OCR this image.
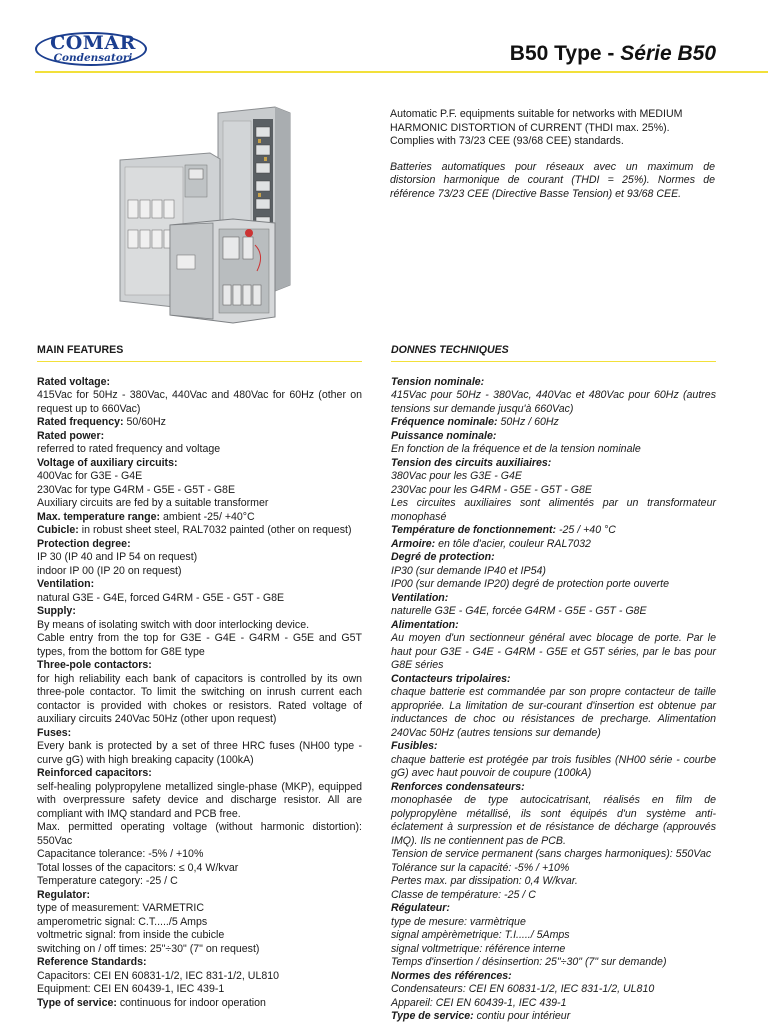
COMAR
Condensatori	B50 Type - Série B50

Automatic P.F. equipments suitable for networks with MEDIUM HARMONIC DISTORTION of CURRENT (THDI max. 25%). Complies with 73/23 CEE (93/68 CEE) standards.

Batteries automatiques pour réseaux avec un maximum de distorsion harmonique de courant (THDI = 25%). Normes de référence 73/23 CEE (Directive Basse Tension) et 93/68 CEE.

MAIN FEATURES
Rated voltage:
415Vac for 50Hz - 380Vac, 440Vac and 480Vac for 60Hz (other on request up to 660Vac)
Rated frequency: 50/60Hz
Rated power:
referred to rated frequency and voltage
Voltage of auxiliary circuits:
400Vac for G3E - G4E
230Vac for type G4RM - G5E - G5T - G8E
Auxiliary circuits are fed by a suitable transformer
Max. temperature range: ambient -25/ +40°C
Cubicle: in robust sheet steel, RAL7032 painted (other on request)
Protection degree:
IP 30 (IP 40 and IP 54 on request)
indoor IP 00 (IP 20 on request)
Ventilation:
natural G3E - G4E, forced G4RM - G5E - G5T - G8E
Supply:
By means of isolating switch with door interlocking device.
Cable entry from the top for G3E - G4E - G4RM - G5E and G5T types, from the bottom for G8E type
Three-pole contactors:
for high reliability each bank of capacitors is controlled by its own three-pole contactor. To limit the switching on inrush current each contactor is provided with chokes or resistors. Rated voltage of auxiliary circuits 240Vac 50Hz (other upon request)
Fuses:
Every bank is protected by a set of three HRC fuses (NH00 type - curve gG) with high breaking capacity (100kA)
Reinforced capacitors:
self-healing polypropylene metallized single-phase (MKP), equipped with overpressure safety device and discharge resistor. All are compliant with IMQ standard and PCB free.
Max. permitted operating voltage (without harmonic distortion): 550Vac
Capacitance tolerance: -5% / +10%
Total losses of the capacitors: ≤ 0,4 W/kvar
Temperature category: -25 / C
Regulator:
type of measurement: VARMETRIC
amperometric signal: C.T...../5 Amps
voltmetric signal: from inside the cubicle
switching on / off times: 25"÷30" (7" on request)
Reference Standards:
Capacitors: CEI EN 60831-1/2, IEC 831-1/2, UL810
Equipment: CEI EN 60439-1, IEC 439-1
Type of service: continuous for indoor operation
DONNES TECHNIQUES
Tension nominale:
415Vac pour 50Hz - 380Vac, 440Vac et 480Vac pour 60Hz (autres tensions sur demande jusqu'à 660Vac)
Fréquence nominale: 50Hz / 60Hz
Puissance nominale:
En fonction de la fréquence et de la tension nominale
Tension des circuits auxiliaires:
380Vac pour les G3E - G4E
230Vac pour les G4RM - G5E - G5T - G8E
Les circuites auxiliaires sont alimentés par un transformateur monophasé
Température de fonctionnement: -25 / +40 °C
Armoire: en tôle d'acier, couleur RAL7032
Degré de protection:
IP30 (sur demande IP40 et IP54)
IP00 (sur demande IP20) degré de protection porte ouverte
Ventilation:
naturelle G3E - G4E, forcée G4RM - G5E - G5T - G8E
Alimentation:
Au moyen d'un sectionneur général avec blocage de porte. Par le haut pour G3E - G4E - G4RM - G5E et G5T séries, par le bas pour G8E séries
Contacteurs tripolaires:
chaque batterie est commandée par son propre contacteur de taille appropriée. La limitation de sur-courant d'insertion est obtenue par inductances de choc ou résistances de precharge. Alimentation 240Vac 50Hz (autres tensions sur demande)
Fusibles:
chaque batterie est protégée par trois fusibles (NH00 série - courbe gG) avec haut pouvoir de coupure (100kA)
Renforces condensateurs:
monophasée de type autocicatrisant, réalisés en film de polypropylène métallisé, ils sont équipés d'un système anti-éclatement à surpression et de résistance de décharge (approuvés IMQ). Ils ne contiennent pas de PCB.
Tension de service permanent (sans charges harmoniques): 550Vac
Tolérance sur la capacité: -5% / +10%
Pertes max. par dissipation: 0,4 W/kvar.
Classe de température: -25 / C
Régulateur:
type de mesure: varmètrique
signal ampèrèmetrique: T.I...../ 5Amps
signal voltmetrique: référence interne
Temps d'insertion / désinsertion: 25"÷30" (7" sur demande)
Normes des références:
Condensateurs: CEI EN 60831-1/2, IEC 831-1/2, UL810
Appareil: CEI EN 60439-1, IEC 439-1
Type de service: contiu pour intérieur
